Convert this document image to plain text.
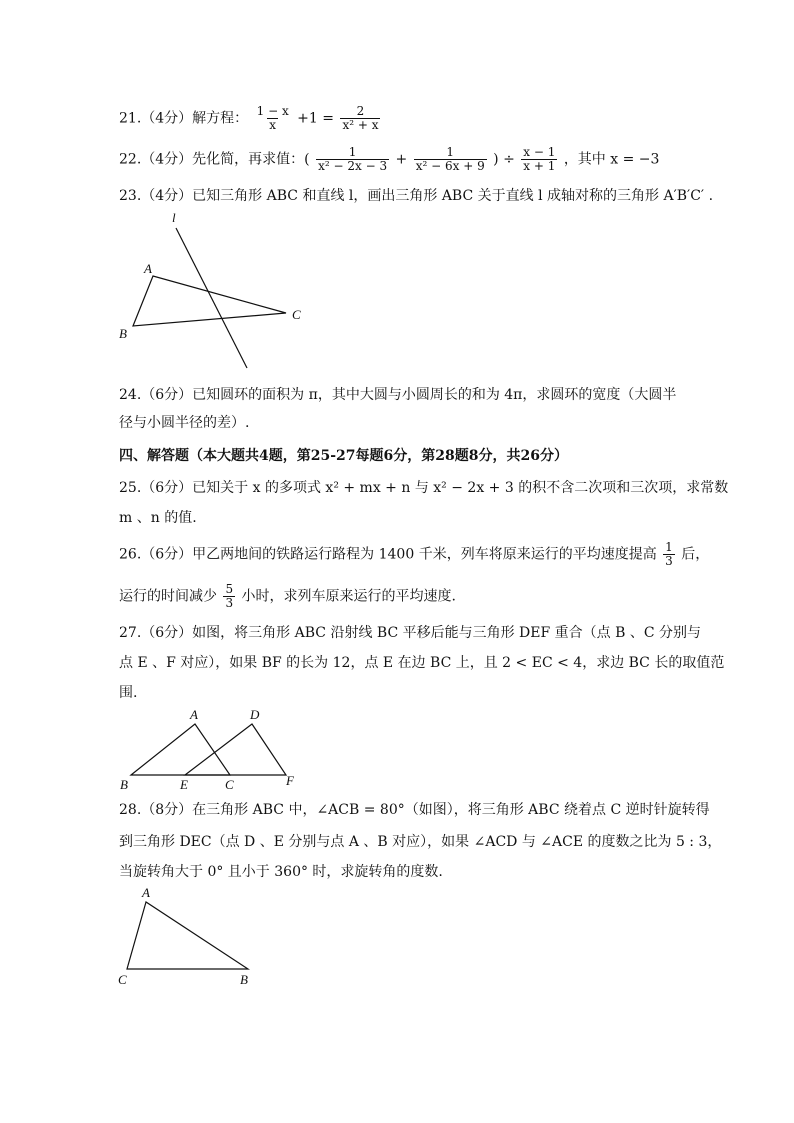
21.（4分）解方程： $\frac{1 - x}{x} +1 = \frac{2}{\text{x² + x}}$
22.（4分）先化简，再求值：( $\frac{1}{\text{x² − 2x − 3}} + \frac{1}{\text{x² − 6x + 9}}$ ) ÷ $\frac{x - 1}{x + 1}$ ，其中 x = −3
23.（4分）已知三角形 ABC 和直线 l，画出三角形 ABC 关于直线 l 成轴对称的三角形 A′B′C′ .
l
A
B
C
24.（6分）已知圆环的面积为 π，其中大圆与小圆周长的和为 4π，求圆环的宽度（大圆半
径与小圆半径的差）.
四、解答题（本大题共4题，第25-27每题6分，第28题8分，共26分）
25.（6分）已知关于 x 的多项式 x² + mx + n 与 x² − 2x + 3 的积不含二次项和三次项，求常数
m 、n 的值.
26.（6分）甲乙两地间的铁路运行路程为 1400 千米，列车将原来运行的平均速度提高 $\frac{1}{3}$ 后，
运行的时间减少 $\frac{5}{3}$ 小时，求列车原来运行的平均速度.
27.（6分）如图，将三角形 ABC 沿射线 BC 平移后能与三角形 DEF 重合（点 B 、C 分别与
点 E 、F 对应），如果 BF 的长为 12，点 E 在边 BC 上，且 2 < EC < 4，求边 BC 长的取值范
围.
A	D
B	E	C	F
28.（8分）在三角形 ABC 中，∠ACB = 80°（如图），将三角形 ABC 绕着点 C 逆时针旋转得
到三角形 DEC（点 D 、E 分别与点 A 、B 对应），如果 ∠ACD 与 ∠ACE 的度数之比为 5 : 3，
当旋转角大于 0° 且小于 360° 时，求旋转角的度数.
A
C	B
